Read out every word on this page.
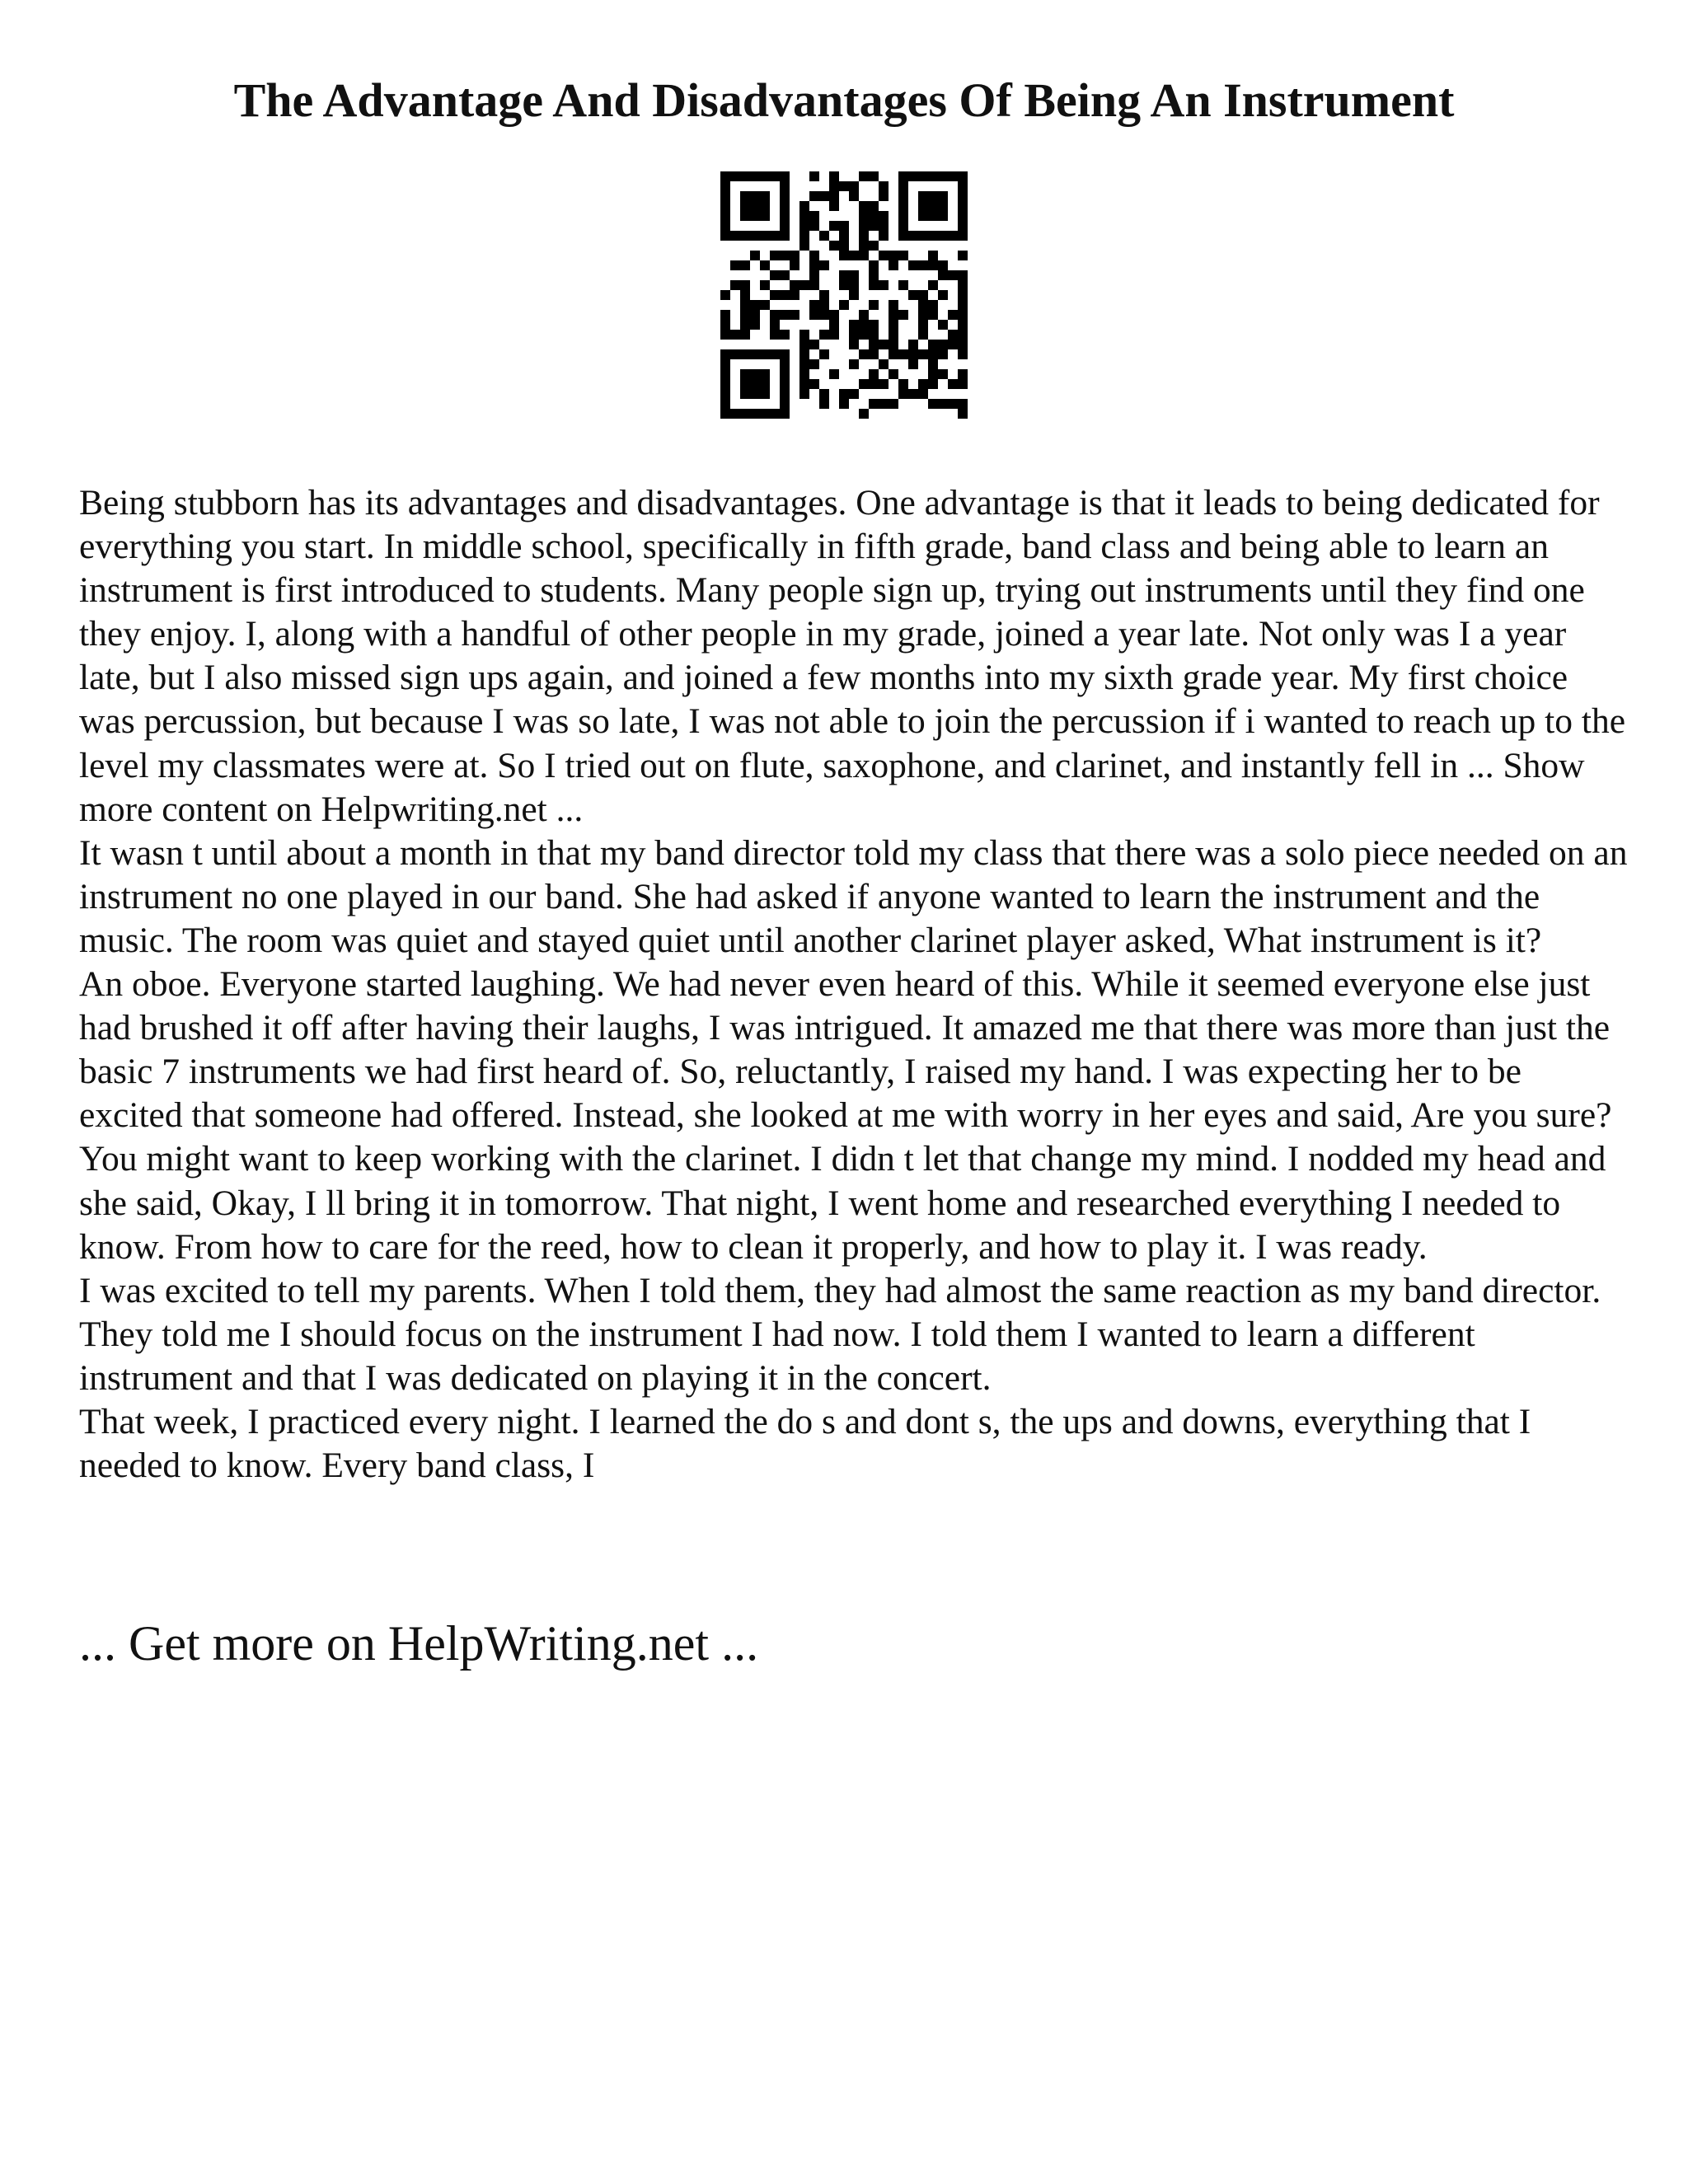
The Advantage And Disadvantages Of Being An Instrument

Being stubborn has its advantages and disadvantages. One advantage is that it leads to being dedicated for everything you start. In middle school, specifically in fifth grade, band class and being able to learn an instrument is first introduced to students. Many people sign up, trying out instruments until they find one they enjoy. I, along with a handful of other people in my grade, joined a year late. Not only was I a year late, but I also missed sign ups again, and joined a few months into my sixth grade year. My first choice was percussion, but because I was so late, I was not able to join the percussion if i wanted to reach up to the level my classmates were at. So I tried out on flute, saxophone, and clarinet, and instantly fell in ... Show more content on Helpwriting.net ...

It wasn t until about a month in that my band director told my class that there was a solo piece needed on an instrument no one played in our band. She had asked if anyone wanted to learn the instrument and the music. The room was quiet and stayed quiet until another clarinet player asked, What instrument is it?

An oboe. Everyone started laughing. We had never even heard of this. While it seemed everyone else just had brushed it off after having their laughs, I was intrigued. It amazed me that there was more than just the basic 7 instruments we had first heard of. So, reluctantly, I raised my hand. I was expecting her to be excited that someone had offered. Instead, she looked at me with worry in her eyes and said, Are you sure? You might want to keep working with the clarinet. I didn t let that change my mind. I nodded my head and she said, Okay, I ll bring it in tomorrow. That night, I went home and researched everything I needed to know. From how to care for the reed, how to clean it properly, and how to play it. I was ready.

I was excited to tell my parents. When I told them, they had almost the same reaction as my band director. They told me I should focus on the instrument I had now. I told them I wanted to learn a different instrument and that I was dedicated on playing it in the concert.

That week, I practiced every night. I learned the do s and dont s, the ups and downs, everything that I needed to know. Every band class, I

... Get more on HelpWriting.net ...
